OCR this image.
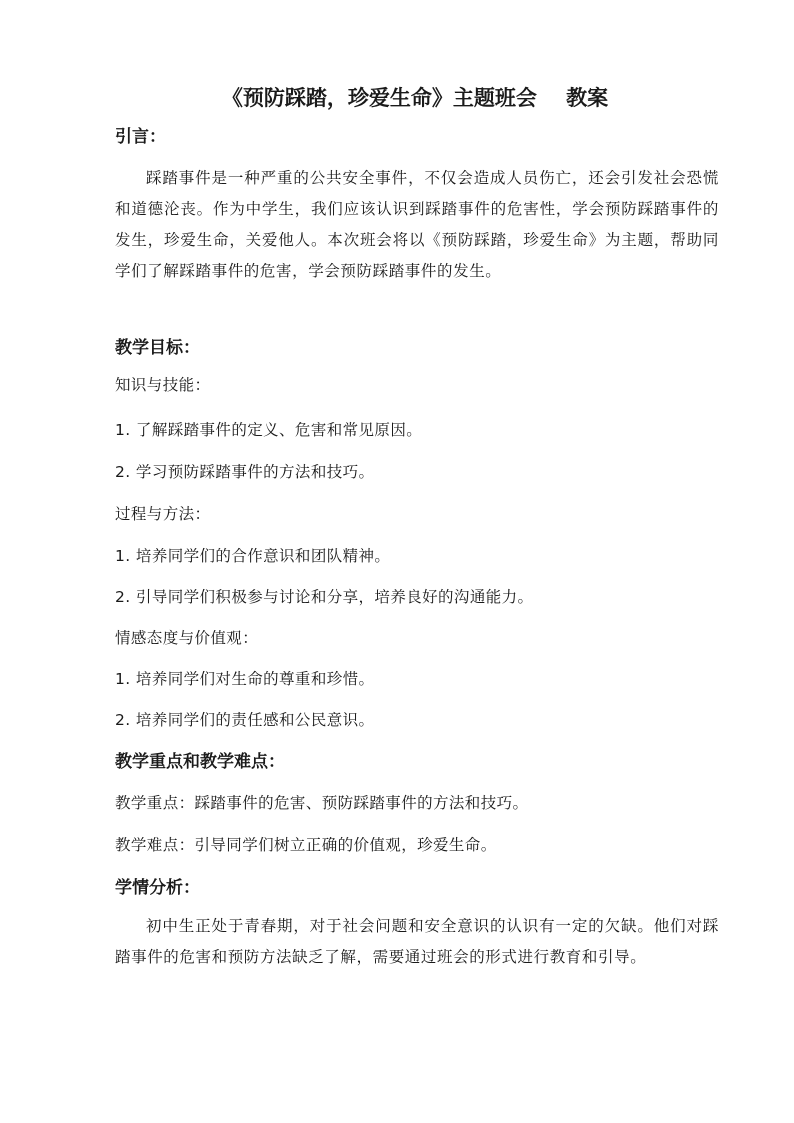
《预防踩踏，珍爱生命》主题班会    教案
引言：
踩踏事件是一种严重的公共安全事件，不仅会造成人员伤亡，还会引发社会恐慌和道德沦丧。作为中学生，我们应该认识到踩踏事件的危害性，学会预防踩踏事件的发生，珍爱生命，关爱他人。本次班会将以《预防踩踏，珍爱生命》为主题，帮助同学们了解踩踏事件的危害，学会预防踩踏事件的发生。
教学目标：
知识与技能：
1. 了解踩踏事件的定义、危害和常见原因。
2. 学习预防踩踏事件的方法和技巧。
过程与方法：
1. 培养同学们的合作意识和团队精神。
2. 引导同学们积极参与讨论和分享，培养良好的沟通能力。
情感态度与价值观：
1. 培养同学们对生命的尊重和珍惜。
2. 培养同学们的责任感和公民意识。
教学重点和教学难点：
教学重点：踩踏事件的危害、预防踩踏事件的方法和技巧。
教学难点：引导同学们树立正确的价值观，珍爱生命。
学情分析：
初中生正处于青春期，对于社会问题和安全意识的认识有一定的欠缺。他们对踩踏事件的危害和预防方法缺乏了解，需要通过班会的形式进行教育和引导。
